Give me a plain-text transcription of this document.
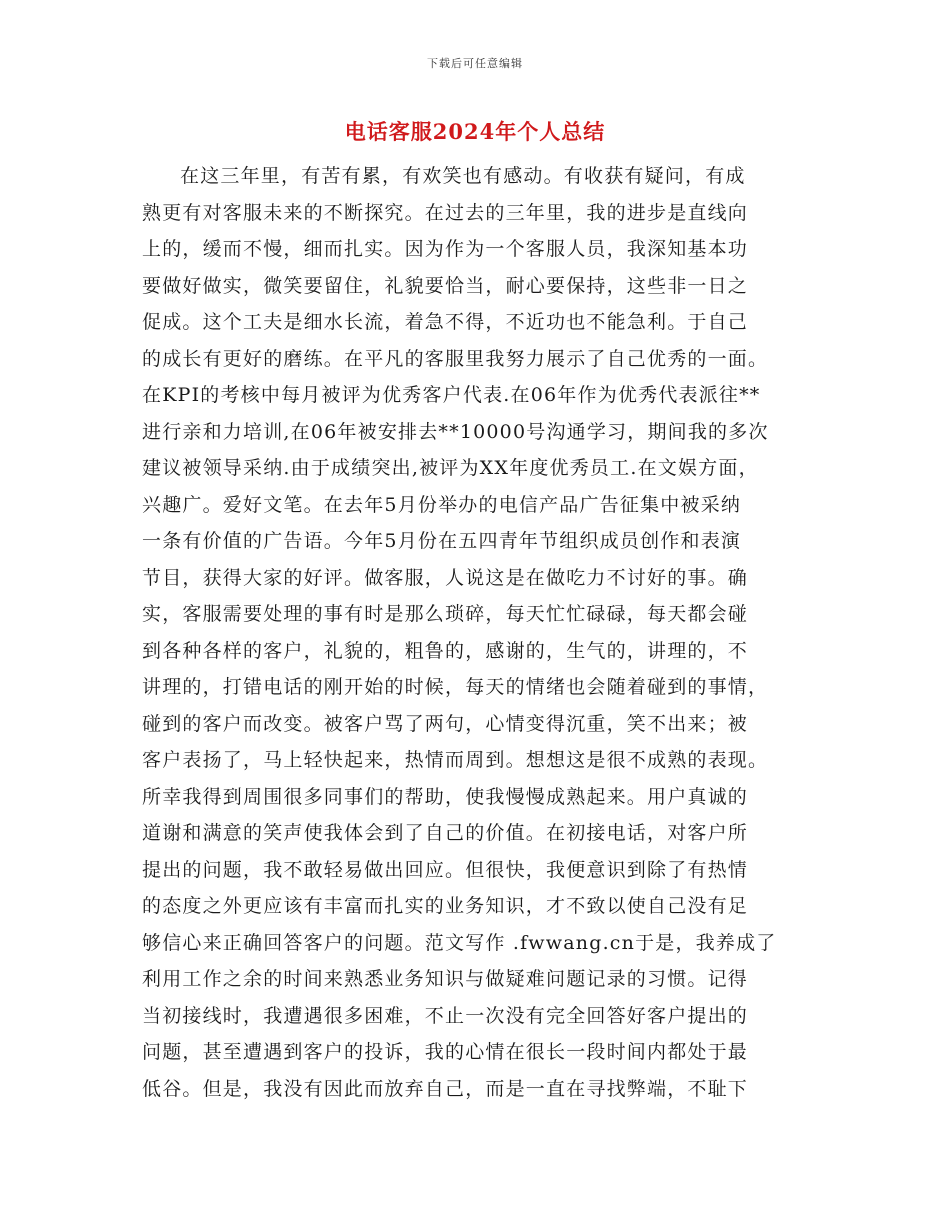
下载后可任意编辑
电话客服2024年个人总结
在这三年里，有苦有累，有欢笑也有感动。有收获有疑问，有成
熟更有对客服未来的不断探究。在过去的三年里，我的进步是直线向
上的，缓而不慢，细而扎实。因为作为一个客服人员，我深知基本功
要做好做实，微笑要留住，礼貌要恰当，耐心要保持，这些非一日之
促成。这个工夫是细水长流，着急不得，不近功也不能急利。于自己
的成长有更好的磨练。在平凡的客服里我努力展示了自己优秀的一面。
在KPI的考核中每月被评为优秀客户代表.在06年作为优秀代表派往**
进行亲和力培训,在06年被安排去**10000号沟通学习，期间我的多次
建议被领导采纳.由于成绩突出,被评为XX年度优秀员工.在文娱方面，
兴趣广。爱好文笔。在去年5月份举办的电信产品广告征集中被采纳
一条有价值的广告语。今年5月份在五四青年节组织成员创作和表演
节目，获得大家的好评。做客服，人说这是在做吃力不讨好的事。确
实，客服需要处理的事有时是那么琐碎，每天忙忙碌碌，每天都会碰
到各种各样的客户，礼貌的，粗鲁的，感谢的，生气的，讲理的，不
讲理的，打错电话的刚开始的时候，每天的情绪也会随着碰到的事情，
碰到的客户而改变。被客户骂了两句，心情变得沉重，笑不出来；被
客户表扬了，马上轻快起来，热情而周到。想想这是很不成熟的表现。
所幸我得到周围很多同事们的帮助，使我慢慢成熟起来。用户真诚的
道谢和满意的笑声使我体会到了自己的价值。在初接电话，对客户所
提出的问题，我不敢轻易做出回应。但很快，我便意识到除了有热情
的态度之外更应该有丰富而扎实的业务知识，才不致以使自己没有足
够信心来正确回答客户的问题。范文写作 .fwwang.cn于是，我养成了
利用工作之余的时间来熟悉业务知识与做疑难问题记录的习惯。记得
当初接线时，我遭遇很多困难，不止一次没有完全回答好客户提出的
问题，甚至遭遇到客户的投诉，我的心情在很长一段时间内都处于最
低谷。但是，我没有因此而放弃自己，而是一直在寻找弊端，不耻下
